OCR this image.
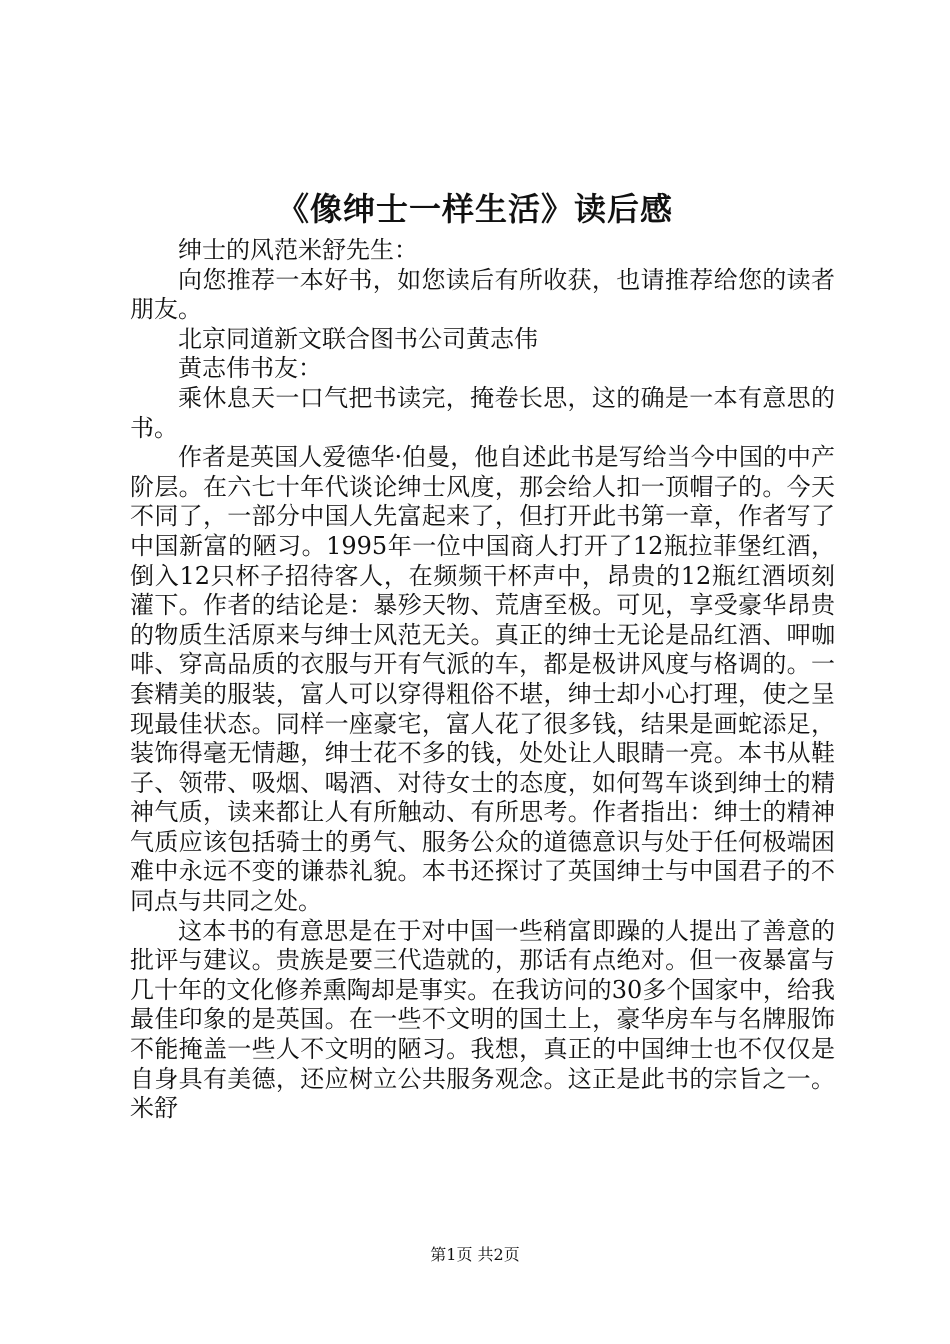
《像绅士一样生活》读后感

绅士的风范米舒先生：

向您推荐一本好书，如您读后有所收获，也请推荐给您的读者朋友。

北京同道新文联合图书公司黄志伟

黄志伟书友：

乘休息天一口气把书读完，掩卷长思，这的确是一本有意思的书。

作者是英国人爱德华·伯曼，他自述此书是写给当今中国的中产阶层。在六七十年代谈论绅士风度，那会给人扣一顶帽子的。今天不同了，一部分中国人先富起来了，但打开此书第一章，作者写了中国新富的陋习。1995年一位中国商人打开了12瓶拉菲堡红酒，倒入12只杯子招待客人，在频频干杯声中，昂贵的12瓶红酒顷刻灌下。作者的结论是：暴殄天物、荒唐至极。可见，享受豪华昂贵的物质生活原来与绅士风范无关。真正的绅士无论是品红酒、呷咖啡、穿高品质的衣服与开有气派的车，都是极讲风度与格调的。一套精美的服装，富人可以穿得粗俗不堪，绅士却小心打理，使之呈现最佳状态。同样一座豪宅，富人花了很多钱，结果是画蛇添足，装饰得毫无情趣，绅士花不多的钱，处处让人眼睛一亮。本书从鞋子、领带、吸烟、喝酒、对待女士的态度，如何驾车谈到绅士的精神气质，读来都让人有所触动、有所思考。作者指出：绅士的精神气质应该包括骑士的勇气、服务公众的道德意识与处于任何极端困难中永远不变的谦恭礼貌。本书还探讨了英国绅士与中国君子的不同点与共同之处。

这本书的有意思是在于对中国一些稍富即躁的人提出了善意的批评与建议。贵族是要三代造就的，那话有点绝对。但一夜暴富与几十年的文化修养熏陶却是事实。在我访问的30多个国家中，给我最佳印象的是英国。在一些不文明的国土上，豪华房车与名牌服饰不能掩盖一些人不文明的陋习。我想，真正的中国绅士也不仅仅是自身具有美德，还应树立公共服务观念。这正是此书的宗旨之一。米舒

第1页 共2页
